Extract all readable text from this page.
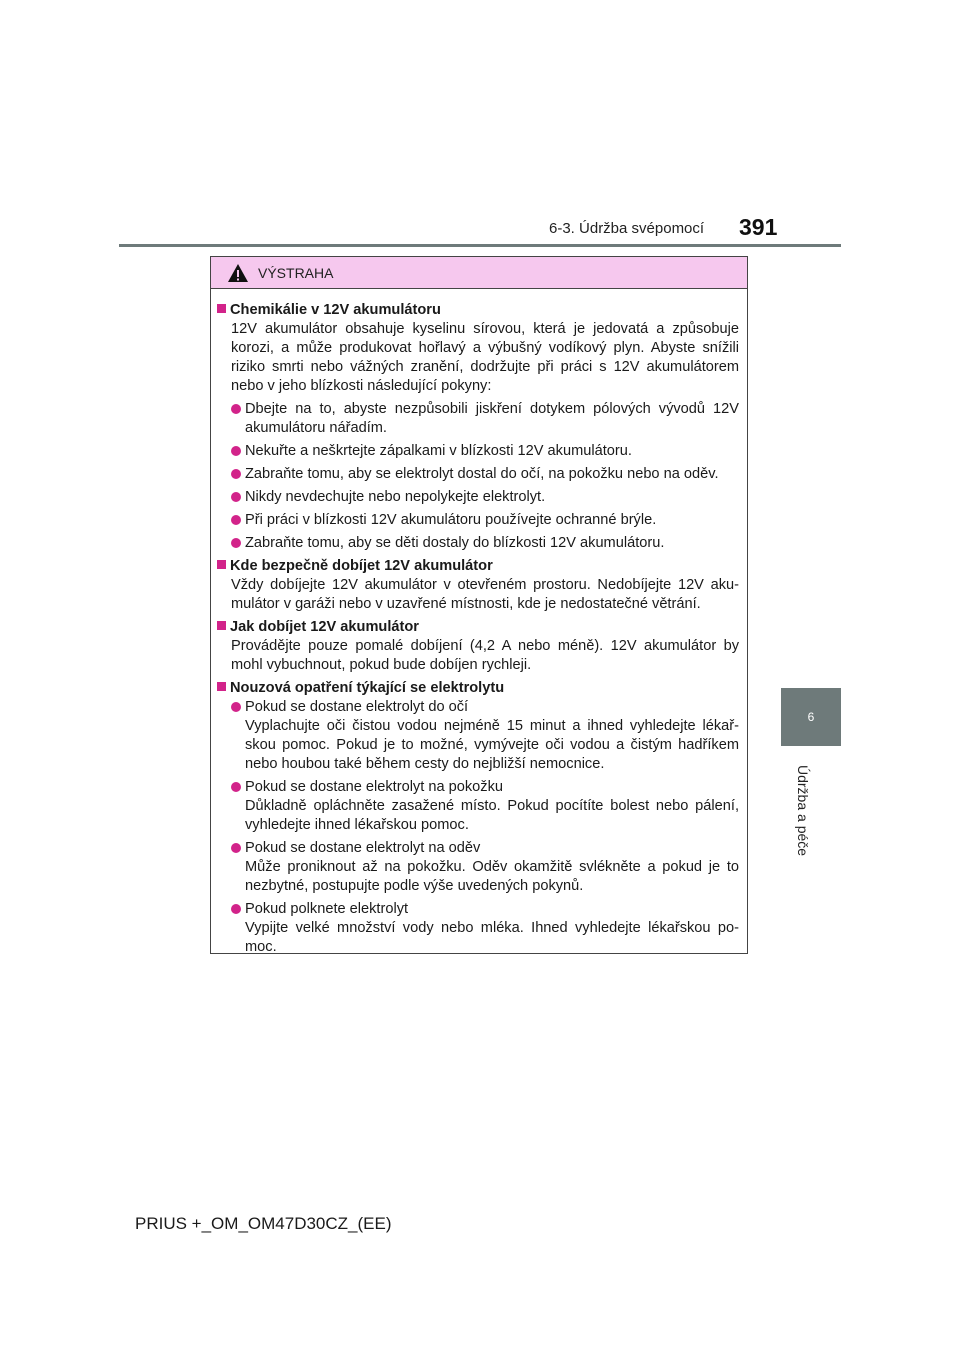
6-3. Údržba svépomocí 391
6
Údržba a péče
VÝSTRAHA
Chemikálie v 12V akumulátoru
12V akumulátor obsahuje kyselinu sírovou, která je jedovatá a způsobuje korozi, a může produkovat hořlavý a výbušný vodíkový plyn. Abyste snížili riziko smrti nebo vážných zranění, dodržujte při práci s 12V akumulátorem nebo v jeho blízkosti následující pokyny:
Dbejte na to, abyste nezpůsobili jiskření dotykem pólových vývodů 12V akumulátoru nářadím.
Nekuřte a neškrtejte zápalkami v blízkosti 12V akumulátoru.
Zabraňte tomu, aby se elektrolyt dostal do očí, na pokožku nebo na oděv.
Nikdy nevdechujte nebo nepolykejte elektrolyt.
Při práci v blízkosti 12V akumulátoru používejte ochranné brýle.
Zabraňte tomu, aby se děti dostaly do blízkosti 12V akumulátoru.
Kde bezpečně dobíjet 12V akumulátor
Vždy dobíjejte 12V akumulátor v otevřeném prostoru. Nedobíjejte 12V aku-mulátor v garáži nebo v uzavřené místnosti, kde je nedostatečné větrání.
Jak dobíjet 12V akumulátor
Provádějte pouze pomalé dobíjení (4,2 A nebo méně). 12V akumulátor by mohl vybuchnout, pokud bude dobíjen rychleji.
Nouzová opatření týkající se elektrolytu
Pokud se dostane elektrolyt do očí
Vyplachujte oči čistou vodou nejméně 15 minut a ihned vyhledejte lékař-skou pomoc. Pokud je to možné, vymývejte oči vodou a čistým hadříkem nebo houbou také během cesty do nejbližší nemocnice.
Pokud se dostane elektrolyt na pokožku
Důkladně opláchněte zasažené místo. Pokud pocítíte bolest nebo pálení, vyhledejte ihned lékařskou pomoc.
Pokud se dostane elektrolyt na oděv
Může proniknout až na pokožku. Oděv okamžitě svlékněte a pokud je to nezbytné, postupujte podle výše uvedených pokynů.
Pokud polknete elektrolyt
Vypijte velké množství vody nebo mléka. Ihned vyhledejte lékařskou po-moc.
PRIUS +_OM_OM47D30CZ_(EE)
